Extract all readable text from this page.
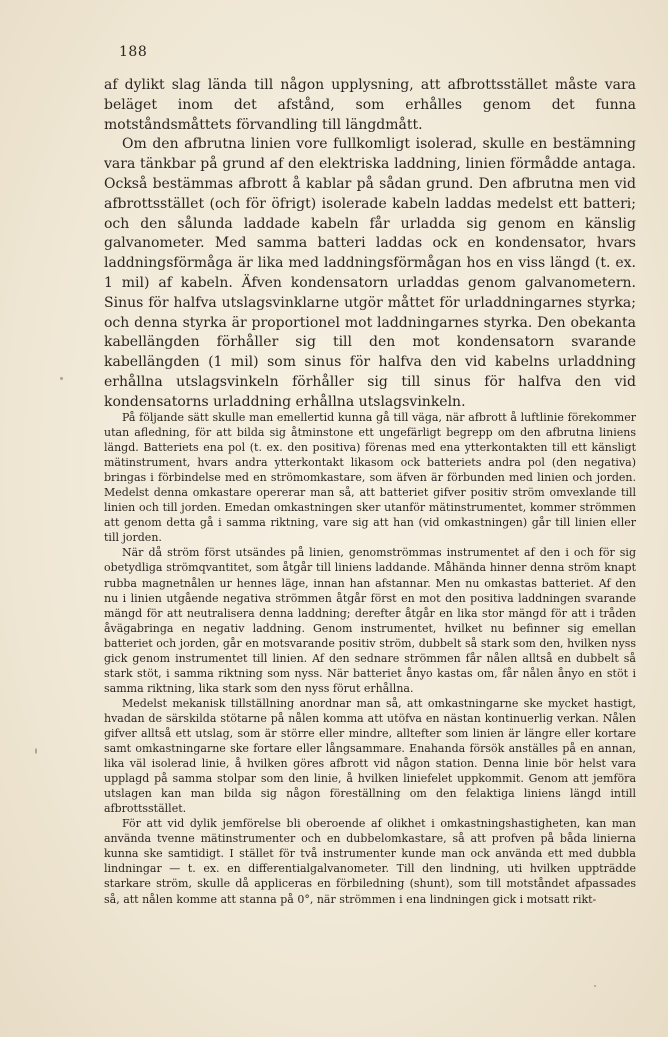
188

af dylikt slag lända till någon upplysning, att afbrottsstället måste vara beläget inom det afstånd, som erhålles genom det funna motståndsmåttets förvandling till längdmått.

Om den afbrutna linien vore fullkomligt isolerad, skulle en bestämning vara tänkbar på grund af den elektriska laddning, linien förmådde antaga. Också bestämmas afbrott å kablar på sådan grund. Den afbrutna men vid afbrottsstället (och för öfrigt) isolerade kabeln laddas medelst ett batteri; och den sålunda laddade kabeln får urladda sig genom en känslig galvanometer. Med samma batteri laddas ock en kondensator, hvars laddningsförmåga är lika med laddningsförmågan hos en viss längd (t. ex. 1 mil) af kabeln. Äfven kondensatorn urladdas genom galvanometern. Sinus för halfva utslagsvinklarne utgör måttet för urladdningarnes styrka; och denna styrka är proportionel mot laddningarnes styrka. Den obekanta kabellängden förhåller sig till den mot kondensatorn svarande kabellängden (1 mil) som sinus för halfva den vid kabelns urladdning erhållna utslagsvinkeln förhåller sig till sinus för halfva den vid kondensatorns urladdning erhållna utslagsvinkeln.

På följande sätt skulle man emellertid kunna gå till väga, när afbrott å luftlinie förekommer utan afledning, för att bilda sig åtminstone ett ungefärligt begrepp om den afbrutna liniens längd. Batteriets ena pol (t. ex. den positiva) förenas med ena ytterkontakten till ett känsligt mätinstrument, hvars andra ytterkontakt likasom ock batteriets andra pol (den negativa) bringas i förbindelse med en strömomkastare, som äfven är förbunden med linien och jorden. Medelst denna omkastare opererar man så, att batteriet gifver positiv ström omvexlande till linien och till jorden. Emedan omkastningen sker utanför mätinstrumentet, kommer strömmen att genom detta gå i samma riktning, vare sig att han (vid omkastningen) går till linien eller till jorden.

När då ström först utsändes på linien, genomströmmas instrumentet af den i och för sig obetydliga strömqvantitet, som åtgår till liniens laddande. Måhända hinner denna ström knapt rubba magnetnålen ur hennes läge, innan han afstannar. Men nu omkastas batteriet. Af den nu i linien utgående negativa strömmen åtgår först en mot den positiva laddningen svarande mängd för att neutralisera denna laddning; derefter åtgår en lika stor mängd för att i tråden åvägabringa en negativ laddning. Genom instrumentet, hvilket nu befinner sig emellan batteriet och jorden, går en motsvarande positiv ström, dubbelt så stark som den, hvilken nyss gick genom instrumentet till linien. Af den sednare strömmen får nålen alltså en dubbelt så stark stöt, i samma riktning som nyss. När batteriet ånyo kastas om, får nålen ånyo en stöt i samma riktning, lika stark som den nyss förut erhållna.

Medelst mekanisk tillställning anordnar man så, att omkastningarne ske mycket hastigt, hvadan de särskilda stötarne på nålen komma att utöfva en nästan kontinuerlig verkan. Nålen gifver alltså ett utslag, som är större eller mindre, alltefter som linien är längre eller kortare samt omkastningarne ske fortare eller långsammare. Enahanda försök anställes på en annan, lika väl isolerad linie, å hvilken göres afbrott vid någon station. Denna linie bör helst vara upplagd på samma stolpar som den linie, å hvilken liniefelet uppkommit. Genom att jemföra utslagen kan man bilda sig någon föreställning om den felaktiga liniens längd intill afbrottsstället.

För att vid dylik jemförelse bli oberoende af olikhet i omkastningshastigheten, kan man använda tvenne mätinstrumenter och en dubbelomkastare, så att profven på båda linierna kunna ske samtidigt. I stället för två instrumenter kunde man ock använda ett med dubbla lindningar — t. ex. en differentialgalvanometer. Till den lindning, uti hvilken uppträdde starkare ström, skulle då appliceras en förbiledning (shunt), som till motståndet afpassades så, att nålen komme att stanna på 0°, när strömmen i ena lindningen gick i motsatt rikt-
